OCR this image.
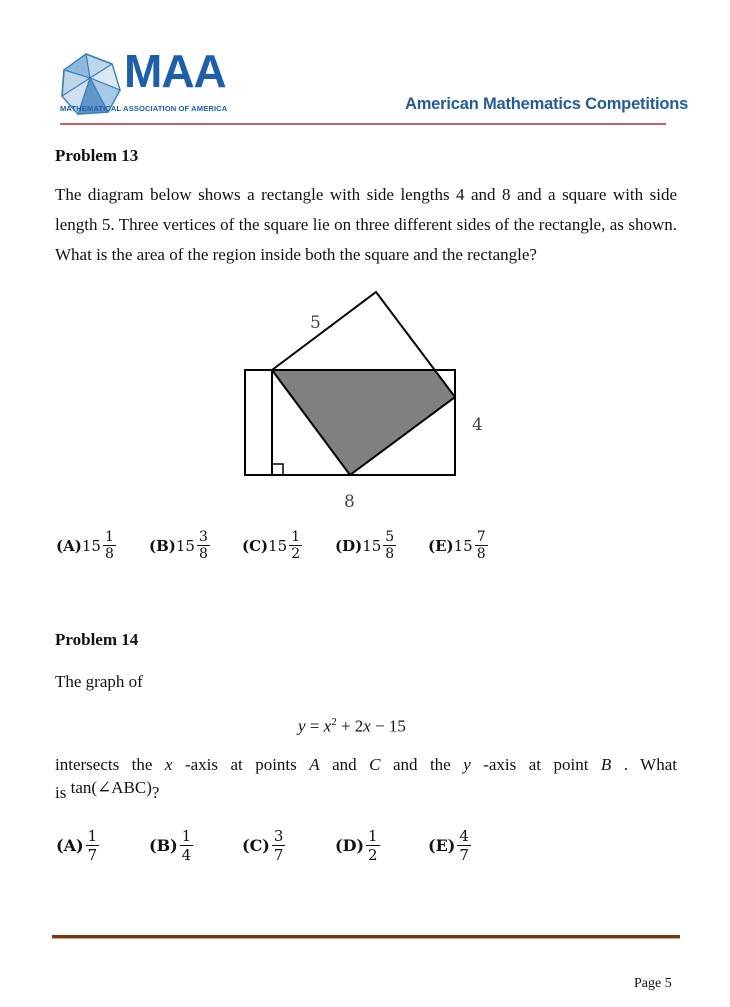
MAA
MATHEMATICAL ASSOCIATION OF AMERICA	American Mathematics Competitions
Problem 13
The diagram below shows a rectangle with side lengths 4 and 8 and a square with side length 5. Three vertices of the square lie on three different sides of the rectangle, as shown. What is the area of the region inside both the square and the rectangle?
5
4
8
(A) $15 \frac{1}{8} (B)$ $15 \frac{3}{8} (C)$ $15 \frac{1}{2} (D)$ $15 \frac{5}{8} (E)$ $15 \frac{7}{8}$
Problem 14
The graph of
$y = x^2 + 2x - 15$
intersects the x -axis at points A and C and the y -axis at point B . What
is tan(∠ABC)?
$(A) \frac{1}{7}$	$(B) \frac{1}{4}$	$(C) \frac{3}{7}$	$(D) \frac{1}{2}$	$(E) \frac{4}{7}$
Page 5
